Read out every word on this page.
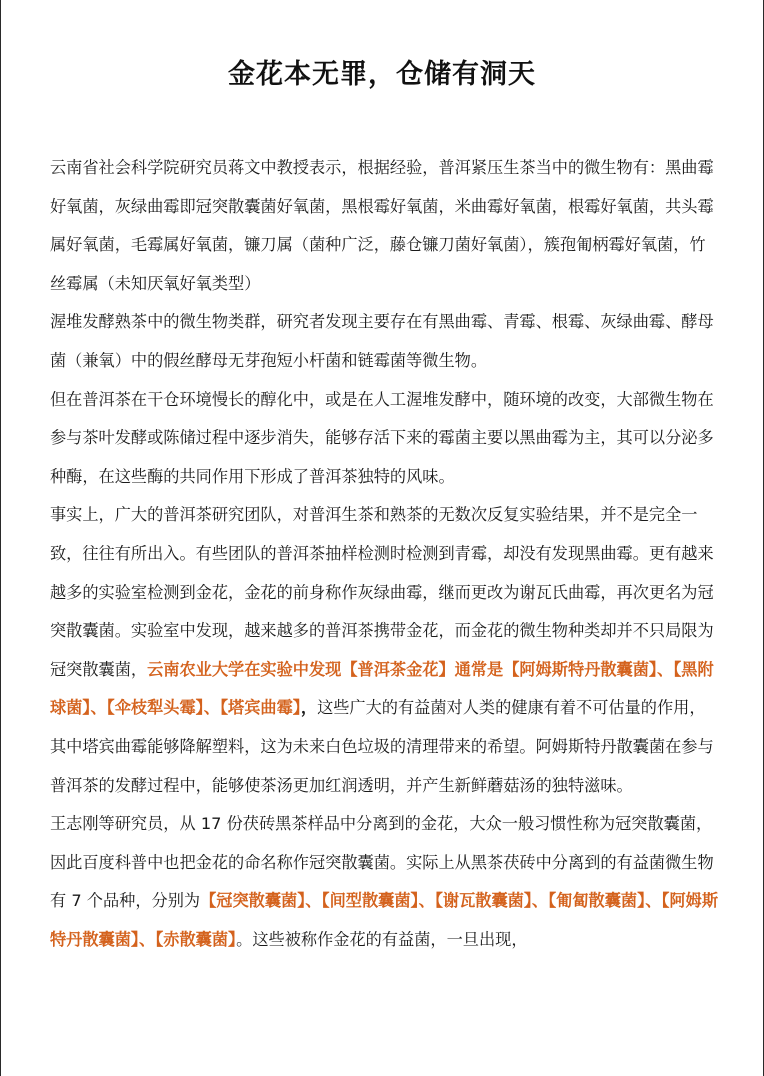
金花本无罪，仓储有洞天

云南省社会科学院研究员蒋文中教授表示，根据经验，普洱紧压生茶当中的微生物有：黑曲霉好氧菌，灰绿曲霉即冠突散囊菌好氧菌，黑根霉好氧菌，米曲霉好氧菌，根霉好氧菌，共头霉属好氧菌，毛霉属好氧菌，镰刀属（菌种广泛，藤仓镰刀菌好氧菌），簇孢匍柄霉好氧菌，竹丝霉属（未知厌氧好氧类型）

渥堆发酵熟茶中的微生物类群，研究者发现主要存在有黑曲霉、青霉、根霉、灰绿曲霉、酵母菌（兼氧）中的假丝酵母无芽孢短小杆菌和链霉菌等微生物。

但在普洱茶在干仓环境慢长的醇化中，或是在人工渥堆发酵中，随环境的改变，大部微生物在参与茶叶发酵或陈储过程中逐步消失，能够存活下来的霉菌主要以黑曲霉为主，其可以分泌多种酶，在这些酶的共同作用下形成了普洱茶独特的风味。

事实上，广大的普洱茶研究团队，对普洱生茶和熟茶的无数次反复实验结果，并不是完全一致，往往有所出入。有些团队的普洱茶抽样检测时检测到青霉，却没有发现黑曲霉。更有越来越多的实验室检测到金花，金花的前身称作灰绿曲霉，继而更改为谢瓦氏曲霉，再次更名为冠突散囊菌。实验室中发现，越来越多的普洱茶携带金花，而金花的微生物种类却并不只局限为冠突散囊菌，云南农业大学在实验中发现【普洱茶金花】通常是【阿姆斯特丹散囊菌】、【黑附球菌】、【伞枝犁头霉】、【塔宾曲霉】，这些广大的有益菌对人类的健康有着不可估量的作用，其中塔宾曲霉能够降解塑料，这为未来白色垃圾的清理带来的希望。阿姆斯特丹散囊菌在参与普洱茶的发酵过程中，能够使茶汤更加红润透明，并产生新鲜蘑菇汤的独特滋味。

王志刚等研究员，从 17 份茯砖黑茶样品中分离到的金花，大众一般习惯性称为冠突散囊菌，因此百度科普中也把金花的命名称作冠突散囊菌。实际上从黑茶茯砖中分离到的有益菌微生物有 7 个品种，分别为【冠突散囊菌】、【间型散囊菌】、【谢瓦散囊菌】、【匍匐散囊菌】、【阿姆斯特丹散囊菌】、【赤散囊菌】。这些被称作金花的有益菌，一旦出现，
